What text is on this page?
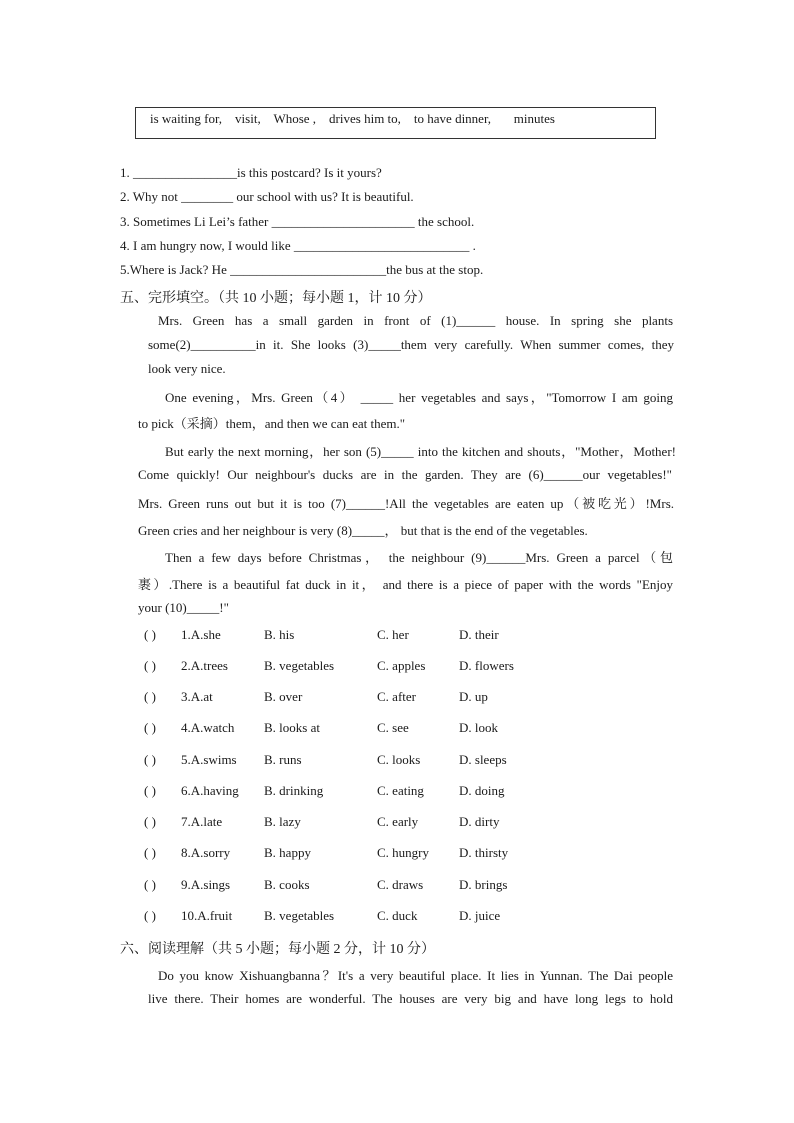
is waiting for,    visit,    Whose ,    drives him to,    to have dinner,       minutes
1. ________________is this postcard? Is it yours?
2. Why not ________ our school with us? It is beautiful.
3. Sometimes Li Lei’s father ______________________ the school.
4. I am hungry now, I would like ___________________________ .
5.Where is Jack? He ________________________the bus at the stop.
五、完形填空。（共 10 小题；每小题 1，计 10 分）
Mrs. Green has a small garden in front of (1)______ house. In spring she plants
some(2)__________in it. She looks (3)_____them very carefully. When summer comes, they
look very nice.
One evening，Mrs. Green（4） _____ her vegetables and says，"Tomorrow I am going
to pick（采摘）them，and then we can eat them."
But early the next morning，her son (5)_____ into the kitchen and shouts，"Mother，Mother!
Come quickly! Our neighbour's ducks are in the garden. They are (6)______our vegetables!"
Mrs. Green runs out but it is too (7)______!All the vegetables are eaten up（被吃光）!Mrs.
Green cries and her neighbour is very (8)_____， but that is the end of the vegetables.
Then a few days before Christmas， the neighbour (9)______Mrs. Green a parcel（包
裹）.There is a beautiful fat duck in it， and there is a piece of paper with the words "Enjoy
your (10)_____!"
( ) 1.A.she	B. his	C. her	D. their
( ) 2.A.trees	B. vegetables	C. apples	D. flowers
( ) 3.A.at	B. over	C. after	D. up
( ) 4.A.watch B. looks at	C. see	D. look
( ) 5.A.swims B. runs	C. looks	D. sleeps
( ) 6.A.having B. drinking	C. eating	D. doing
( ) 7.A.late	B. lazy	C. early	D. dirty
( ) 8.A.sorry	B. happy	C. hungry D. thirsty
( ) 9.A.sings	B. cooks	C. draws	D. brings
( ) 10.A.fruit B. vegetables	C. duck	D. juice
六、阅读理解（共 5 小题；每小题 2 分，计 10 分）
Do you know Xishuangbanna？It's a very beautiful place. It lies in Yunnan. The Dai people
live there. Their homes are wonderful. The houses are very big and have long legs to hold
